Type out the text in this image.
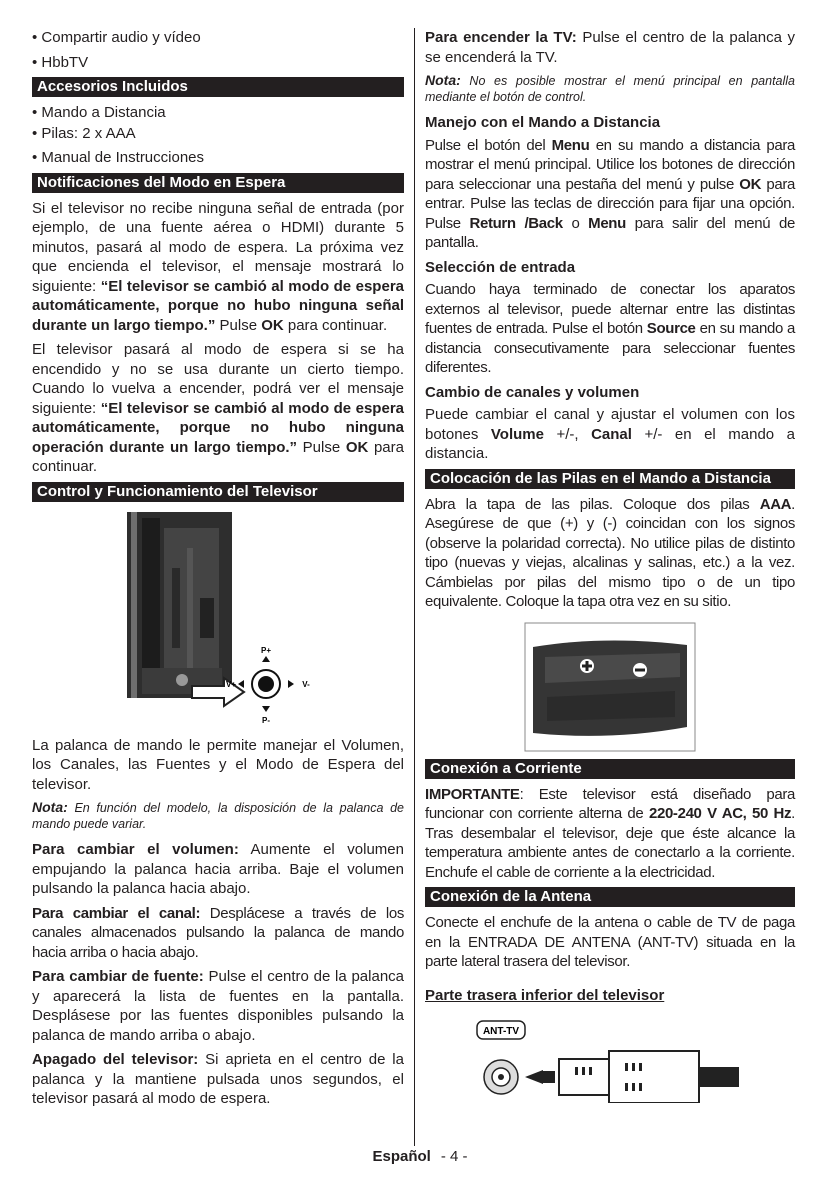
• Compartir audio y vídeo
• HbbTV
Accesorios Incluidos
• Mando a Distancia
• Pilas: 2 x AAA
• Manual de Instrucciones
Notificaciones del Modo en Espera

Si el televisor no recibe ninguna señal de entrada (por ejemplo, de una fuente aérea o HDMI) durante 5 minutos, pasará al modo de espera. La próxima vez que encienda el televisor, el mensaje mostrará lo siguiente: “El televisor se cambió al modo de espera automáticamente, porque no hubo ninguna señal durante un largo tiempo.” Pulse OK para continuar.

El televisor pasará al modo de espera si se ha encendido y no se usa durante un cierto tiempo. Cuando lo vuelva a encender, podrá ver el mensaje siguiente: “El televisor se cambió al modo de espera automáticamente, porque no hubo ninguna operación durante un largo tiempo.” Pulse OK para continuar.

Control y Funcionamiento del Televisor
P+
P-
V+	V-

La palanca de mando le permite manejar el Volumen, los Canales, las Fuentes y el Modo de Espera del televisor.

Nota: En función del modelo, la disposición de la palanca de mando puede variar.

Para cambiar el volumen: Aumente el volumen empujando la palanca hacia arriba. Baje el volumen pulsando la palanca hacia abajo.

Para cambiar el canal: Desplácese a través de los canales almacenados pulsando la palanca de mando hacia arriba o hacia abajo.

Para cambiar de fuente: Pulse el centro de la palanca y aparecerá la lista de fuentes en la pantalla. Desplásese por las fuentes disponibles pulsando la palanca de mando arriba o abajo.

Apagado del televisor: Si aprieta en el centro de la palanca y la mantiene pulsada unos segundos, el televisor pasará al modo de espera.

Para encender la TV: Pulse el centro de la palanca y se encenderá la TV.

Nota: No es posible mostrar el menú principal en pantalla mediante el botón de control.
Manejo con el Mando a Distancia

Pulse el botón del Menu en su mando a distancia para mostrar el menú principal. Utilice los botones de dirección para seleccionar una pestaña del menú y pulse OK para entrar. Pulse las teclas de dirección para fijar una opción. Pulse Return /Back o Menu para salir del menú de pantalla.

Selección de entrada

Cuando haya terminado de conectar los aparatos externos al televisor, puede alternar entre las distintas fuentes de entrada. Pulse el botón Source en su mando a distancia consecutivamente para seleccionar fuentes diferentes.

Cambio de canales y volumen

Puede cambiar el canal y ajustar el volumen con los botones Volume +/-, Canal +/- en el mando a distancia.

Colocación de las Pilas en el Mando a Distancia

Abra la tapa de las pilas. Coloque dos pilas AAA. Asegúrese de que (+) y (-) coincidan con los signos (observe la polaridad correcta). No utilice pilas de distinto tipo (nuevas y viejas, alcalinas y salinas, etc.) a la vez. Cámbielas por pilas del mismo tipo o de un tipo equivalente. Coloque la tapa otra vez en su sitio.

Conexión a Corriente

IMPORTANTE: Este televisor está diseñado para funcionar con corriente alterna de 220-240 V AC, 50 Hz. Tras desembalar el televisor, deje que éste alcance la temperatura ambiente antes de conectarlo a la corriente. Enchufe el cable de corriente a la electricidad.

Conexión de la Antena

Conecte el enchufe de la antena o cable de TV de paga en la ENTRADA DE ANTENA (ANT-TV) situada en la parte lateral trasera del televisor.

Parte trasera inferior del televisor
ANT-TV
Español - 4 -
